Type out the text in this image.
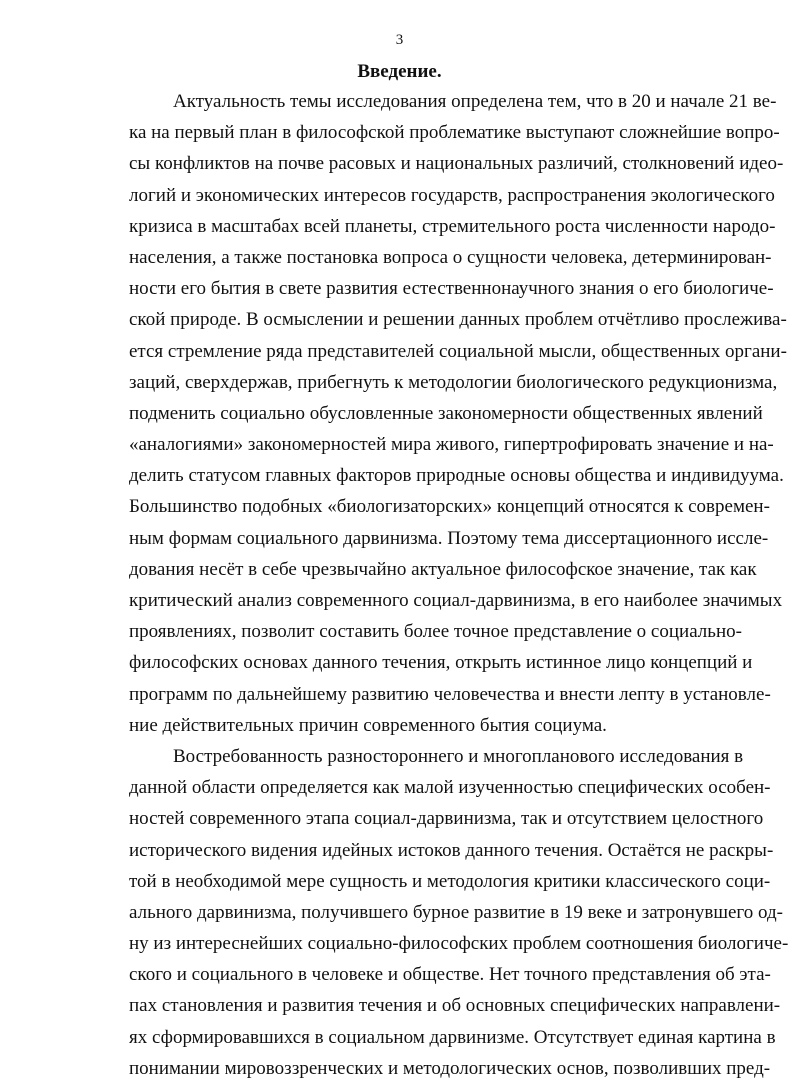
3
Введение.
Актуальность темы исследования определена тем, что в 20 и начале 21 ве-
ка на первый план в философской проблематике выступают сложнейшие вопро-
сы конфликтов на почве расовых и национальных различий, столкновений идео-
логий и экономических интересов государств, распространения экологического
кризиса в масштабах всей планеты, стремительного роста численности народо-
населения, а также постановка вопроса о сущности человека, детерминирован-
ности его бытия в свете развития естественнонаучного знания о его биологиче-
ской природе. В осмыслении и решении данных проблем отчётливо прослежива-
ется стремление ряда представителей социальной мысли, общественных органи-
заций, сверхдержав, прибегнуть к методологии биологического редукционизма,
подменить социально обусловленные закономерности общественных явлений
«аналогиями» закономерностей мира живого, гипертрофировать значение и на-
делить статусом главных факторов природные основы общества и индивидуума.
Большинство подобных «биологизаторских» концепций относятся к современ-
ным формам социального дарвинизма. Поэтому тема диссертационного иссле-
дования несёт в себе чрезвычайно актуальное философское значение, так как
критический анализ современного социал-дарвинизма, в его наиболее значимых
проявлениях, позволит составить более точное представление о социально-
философских основах данного течения, открыть истинное лицо концепций и
программ по дальнейшему развитию человечества и внести лепту в установле-
ние действительных причин современного бытия социума.
Востребованность разностороннего и многопланового исследования в
данной области определяется как малой изученностью специфических особен-
ностей современного этапа социал-дарвинизма, так и отсутствием целостного
исторического видения идейных истоков данного течения. Остаётся не раскры-
той в необходимой мере сущность и методология критики классического соци-
ального дарвинизма, получившего бурное развитие в 19 веке и затронувшего од-
ну из интереснейших социально-философских проблем соотношения биологиче-
ского и социального в человеке и обществе. Нет точного представления об эта-
пах становления и развития течения и об основных специфических направлени-
ях сформировавшихся в социальном дарвинизме. Отсутствует единая картина в
понимании мировоззренческих и методологических основ, позволивших пред-
